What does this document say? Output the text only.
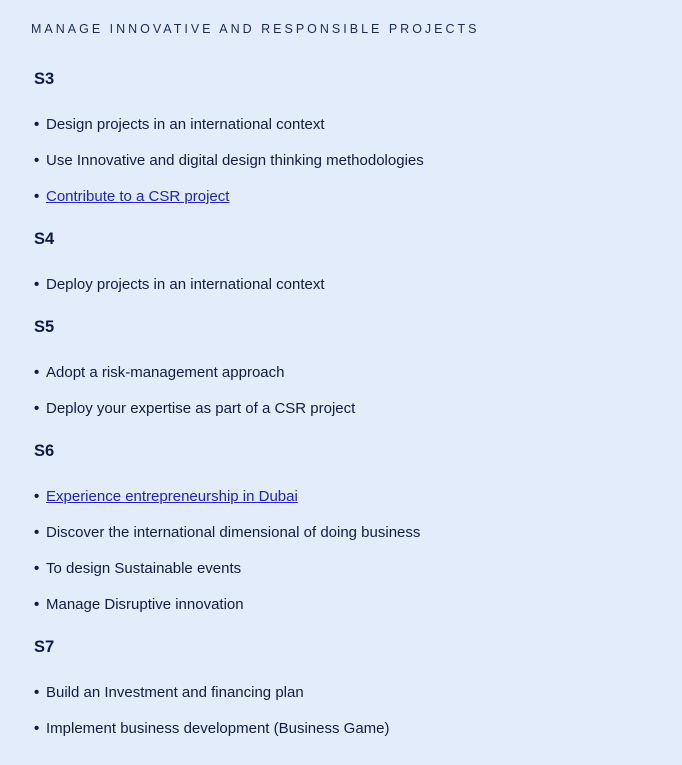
MANAGE INNOVATIVE AND RESPONSIBLE PROJECTS
S3
• Design projects in an international context
• Use Innovative and digital design thinking methodologies
• Contribute to a CSR project
S4
• Deploy projects in an international context
S5
• Adopt a risk-management approach
• Deploy your expertise as part of a CSR project
S6
• Experience entrepreneurship in Dubai
• Discover the international dimensional of doing business
• To design Sustainable events
• Manage Disruptive innovation
S7
• Build an Investment and financing plan
• Implement business development (Business Game)
